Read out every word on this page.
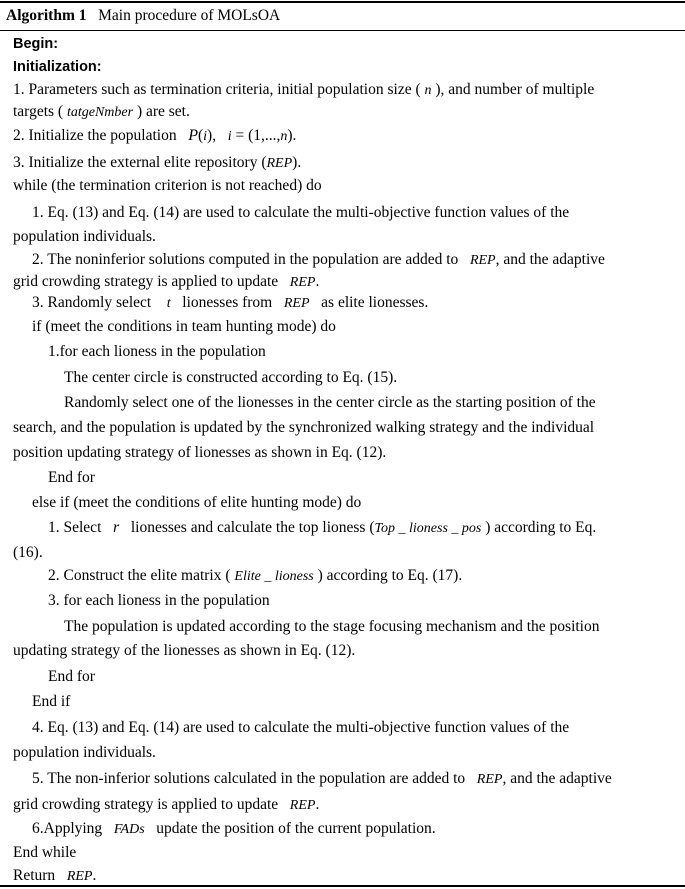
Algorithm 1 Main procedure of MOLsOA
Begin:
Initialization:
1. Parameters such as termination criteria, initial population size ( n ), and number of multiple
targets ( tatgeNmber ) are set.
2. Initialize the population P(i), i = (1,...,n).
3. Initialize the external elite repository (REP).
while (the termination criterion is not reached) do
1. Eq. (13) and Eq. (14) are used to calculate the multi-objective function values of the
population individuals.
2. The noninferior solutions computed in the population are added to REP, and the adaptive
grid crowding strategy is applied to update REP.
3. Randomly select t lionesses from REP as elite lionesses.
if (meet the conditions in team hunting mode) do
1.for each lioness in the population
The center circle is constructed according to Eq. (15).
Randomly select one of the lionesses in the center circle as the starting position of the
search, and the population is updated by the synchronized walking strategy and the individual
position updating strategy of lionesses as shown in Eq. (12).
End for
else if (meet the conditions of elite hunting mode) do
1. Select r lionesses and calculate the top lioness (Top _ lioness _ pos ) according to Eq.
(16).
2. Construct the elite matrix ( Elite _ lioness ) according to Eq. (17).
3. for each lioness in the population
The population is updated according to the stage focusing mechanism and the position
updating strategy of the lionesses as shown in Eq. (12).
End for
End if
4. Eq. (13) and Eq. (14) are used to calculate the multi-objective function values of the
population individuals.
5. The non-inferior solutions calculated in the population are added to REP, and the adaptive
grid crowding strategy is applied to update REP.
6.Applying FADs update the position of the current population.
End while
Return REP.
